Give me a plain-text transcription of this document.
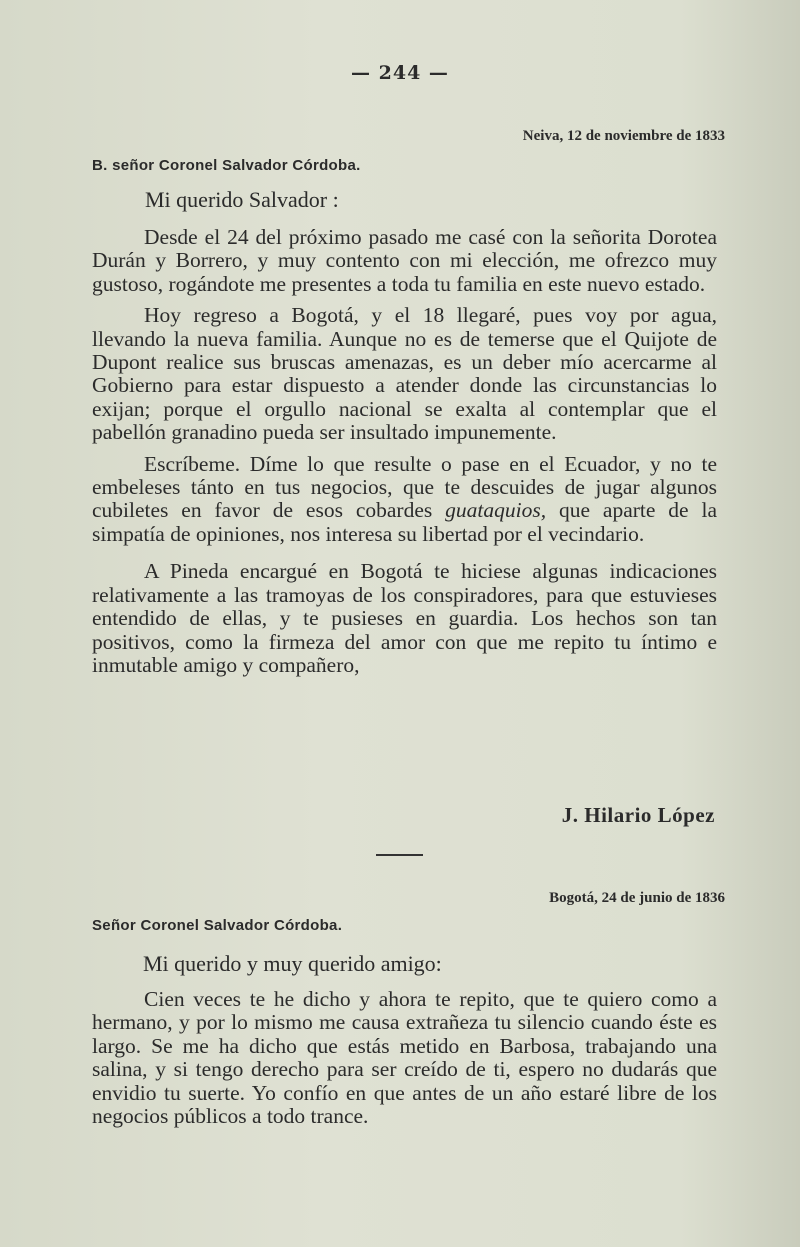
— 244 —
Neiva, 12 de noviembre de 1833
B. señor Coronel Salvador Córdoba.
Mi querido Salvador :

Desde el 24 del próximo pasado me casé con la señorita Dorotea Durán y Borrero, y muy contento con mi elección, me ofrezco muy gustoso, rogándote me presentes a toda tu familia en este nuevo estado.

Hoy regreso a Bogotá, y el 18 llegaré, pues voy por agua, llevando la nueva familia. Aunque no es de temerse que el Quijote de Dupont realice sus bruscas amenazas, es un deber mío acercarme al Gobierno para estar dispuesto a atender donde las circunstancias lo exijan; porque el orgullo nacional se exalta al contemplar que el pabellón granadino pueda ser insultado impunemente.

Escríbeme. Díme lo que resulte o pase en el Ecuador, y no te embeleses tánto en tus negocios, que te descuides de jugar algunos cubiletes en favor de esos cobardes guataquios, que aparte de la simpatía de opiniones, nos interesa su libertad por el vecindario.

A Pineda encargué en Bogotá te hiciese algunas indicaciones relativamente a las tramoyas de los conspiradores, para que estuvieses entendido de ellas, y te pusieses en guardia. Los hechos son tan positivos, como la firmeza del amor con que me repito tu íntimo e inmutable amigo y compañero,

J. Hilario López
Bogotá, 24 de junio de 1836
Señor Coronel Salvador Córdoba.
Mi querido y muy querido amigo:

Cien veces te he dicho y ahora te repito, que te quiero como a hermano, y por lo mismo me causa extrañeza tu silencio cuando éste es largo. Se me ha dicho que estás metido en Barbosa, trabajando una salina, y si tengo derecho para ser creído de ti, espero no dudarás que envidio tu suerte. Yo confío en que antes de un año estaré libre de los negocios públicos a todo trance.
